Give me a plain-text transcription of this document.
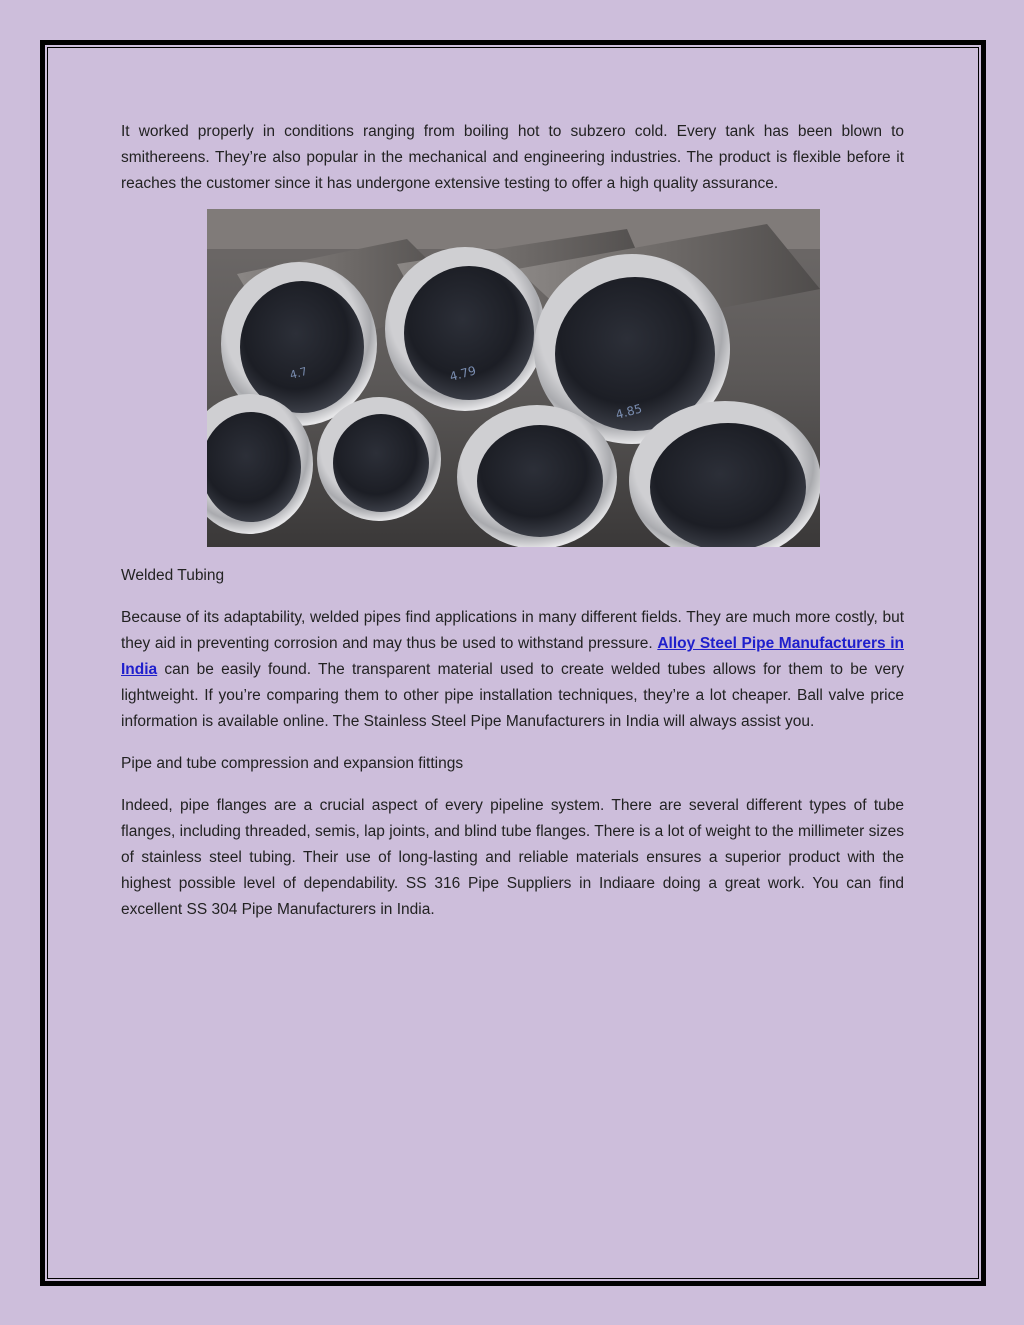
It worked properly in conditions ranging from boiling hot to subzero cold. Every tank has been blown to smithereens. They’re also popular in the mechanical and engineering industries. The product is flexible before it reaches the customer since it has undergone extensive testing to offer a high quality assurance.

4.7	4.79
4.85

Welded Tubing

Because of its adaptability, welded pipes find applications in many different fields. They are much more costly, but they aid in preventing corrosion and may thus be used to withstand pressure. Alloy Steel Pipe Manufacturers in India can be easily found. The transparent material used to create welded tubes allows for them to be very lightweight. If you’re comparing them to other pipe installation techniques, they’re a lot cheaper. Ball valve price information is available online. The Stainless Steel Pipe Manufacturers in India will always assist you.

Pipe and tube compression and expansion fittings

Indeed, pipe flanges are a crucial aspect of every pipeline system. There are several different types of tube flanges, including threaded, semis, lap joints, and blind tube flanges. There is a lot of weight to the millimeter sizes of stainless steel tubing. Their use of long-lasting and reliable materials ensures a superior product with the highest possible level of dependability. SS 316 Pipe Suppliers in Indiaare doing a great work. You can find excellent SS 304 Pipe Manufacturers in India.
